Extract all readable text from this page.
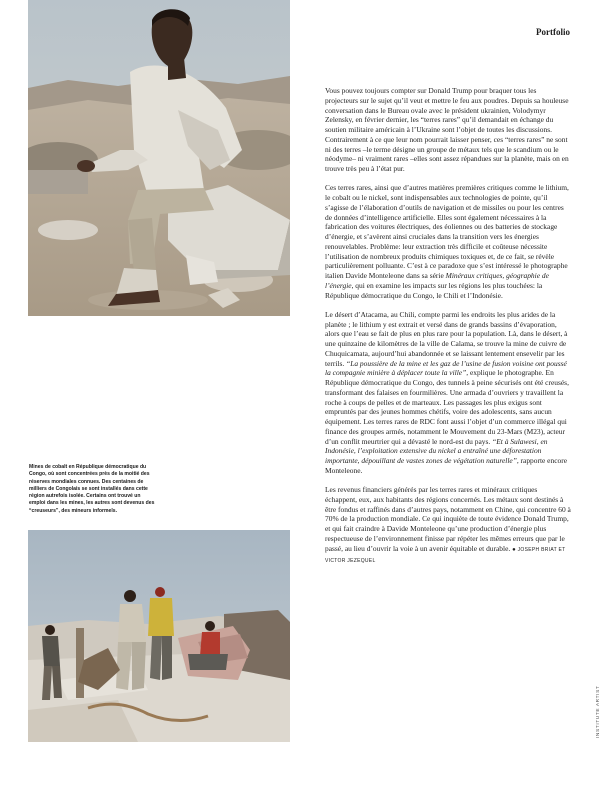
Portfolio
Mines de cobalt en République démocratique du Congo, où sont concentrées près de la moitié des réserves mondiales connues. Des centaines de milliers de Congolais se sont installés dans cette région autrefois isolée. Certains ont trouvé un emploi dans les mines, les autres sont devenus des “creuseurs”, des mineurs informels.

Vous pouvez toujours compter sur Donald Trump pour braquer tous les projecteurs sur le sujet qu’il veut et mettre le feu aux poudres. Depuis sa houleuse conversation dans le Bureau ovale avec le président ukrainien, Volodymyr Zelensky, en février dernier, les “terres rares” qu’il demandait en échange du soutien militaire américain à l’Ukraine sont l’objet de toutes les discussions. Contrairement à ce que leur nom pourrait laisser penser, ces “terres rares” ne sont ni des terres –le terme désigne un groupe de métaux tels que le scandium ou le néodyme– ni vraiment rares –elles sont assez répandues sur la planète, mais on en trouve très peu à l’état pur.

Ces terres rares, ainsi que d’autres matières premières critiques comme le lithium, le cobalt ou le nickel, sont indispensables aux technologies de pointe, qu’il s’agisse de l’élaboration d’outils de navigation et de missiles ou pour les centres de données d’intelligence artificielle. Elles sont également nécessaires à la fabrication des voitures électriques, des éoliennes ou des batteries de stockage d’énergie, et s’avèrent ainsi cruciales dans la transition vers les énergies renouvelables. Problème: leur extraction très difficile et coûteuse nécessite l’utilisation de nombreux produits chimiques toxiques et, de ce fait, se révèle particulièrement polluante. C’est à ce paradoxe que s’est intéressé le photographe italien Davide Monteleone dans sa série Minéraux critiques, géographie de l’énergie, qui en examine les impacts sur les régions les plus touchées: la République démocratique du Congo, le Chili et l’Indonésie.

Le désert d’Atacama, au Chili, compte parmi les endroits les plus arides de la planète ; le lithium y est extrait et versé dans de grands bassins d’évaporation, alors que l’eau se fait de plus en plus rare pour la population. Là, dans le désert, à une quinzaine de kilomètres de la ville de Calama, se trouve la mine de cuivre de Chuquicamata, aujourd’hui abandonnée et se laissant lentement ensevelir par les terrils. “La poussière de la mine et les gaz de l’usine de fusion voisine ont poussé la compagnie minière à déplacer toute la ville”, explique le photographe. En République démocratique du Congo, des tunnels à peine sécurisés ont été creusés, transformant des falaises en fourmilières. Une armada d’ouvriers y travaillent la roche à coups de pelles et de marteaux. Les passages les plus exigus sont empruntés par des jeunes hommes chétifs, voire des adolescents, sans aucun équipement. Les terres rares de RDC font aussi l’objet d’un commerce illégal qui finance des groupes armés, notamment le Mouvement du 23-Mars (M23), acteur d’un conflit meurtrier qui a dévasté le nord-est du pays. “Et à Sulawesi, en Indonésie, l’exploitation extensive du nickel a entraîné une déforestation importante, dépouillant de vastes zones de végétation naturelle”, rapporte encore Monteleone.

Les revenus financiers générés par les terres rares et minéraux critiques échappent, eux, aux habitants des régions concernés. Les métaux sont destinés à être fondus et raffinés dans d’autres pays, notamment en Chine, qui concentre 60 à 70% de la production mondiale. Ce qui inquiète de toute évidence Donald Trump, et qui fait craindre à Davide Monteleone qu’une production d’énergie plus respectueuse de l’environnement finisse par répéter les mêmes erreurs que par le passé, au lieu d’ouvrir la voie à un avenir équitable et durable. ● JOSEPH BRIAT ET VICTOR JEZEQUEL

INSTITUTE ARTIST
